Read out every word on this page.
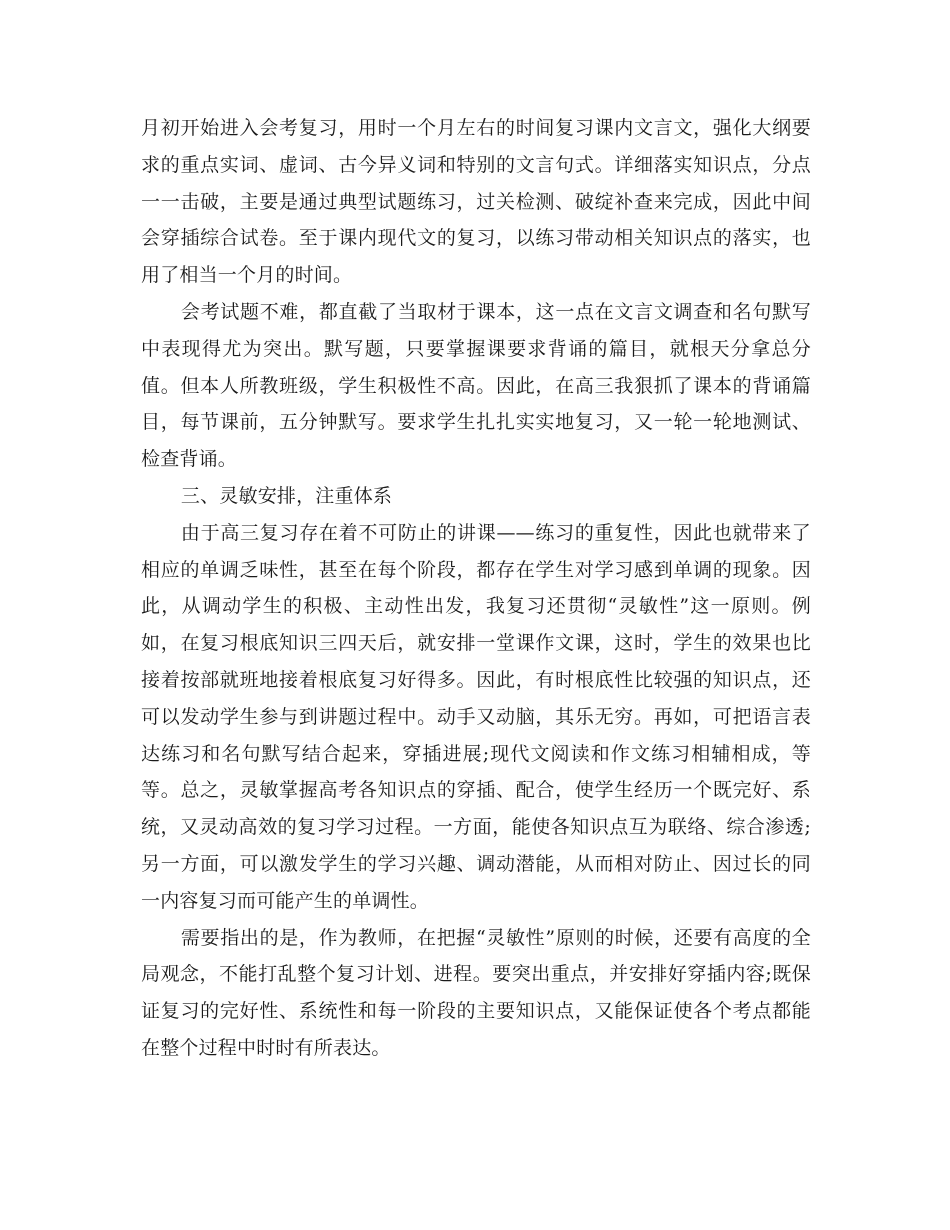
月初开始进入会考复习，用时一个月左右的时间复习课内文言文，强化大纲要求的重点实词、虚词、古今异义词和特别的文言句式。详细落实知识点，分点一一击破，主要是通过典型试题练习，过关检测、破绽补查来完成，因此中间会穿插综合试卷。至于课内现代文的复习，以练习带动相关知识点的落实，也用了相当一个月的时间。

会考试题不难，都直截了当取材于课本，这一点在文言文调查和名句默写中表现得尤为突出。默写题，只要掌握课要求背诵的篇目，就根天分拿总分值。但本人所教班级，学生积极性不高。因此，在高三我狠抓了课本的背诵篇目，每节课前，五分钟默写。要求学生扎扎实实地复习，又一轮一轮地测试、检查背诵。

三、灵敏安排，注重体系

由于高三复习存在着不可防止的讲课——练习的重复性，因此也就带来了相应的单调乏味性，甚至在每个阶段，都存在学生对学习感到单调的现象。因此，从调动学生的积极、主动性出发，我复习还贯彻“灵敏性”这一原则。例如，在复习根底知识三四天后，就安排一堂课作文课，这时，学生的效果也比接着按部就班地接着根底复习好得多。因此，有时根底性比较强的知识点，还可以发动学生参与到讲题过程中。动手又动脑，其乐无穷。再如，可把语言表达练习和名句默写结合起来，穿插进展;现代文阅读和作文练习相辅相成，等等。总之，灵敏掌握高考各知识点的穿插、配合，使学生经历一个既完好、系统，又灵动高效的复习学习过程。一方面，能使各知识点互为联络、综合渗透;另一方面，可以激发学生的学习兴趣、调动潜能，从而相对防止、因过长的同一内容复习而可能产生的单调性。

需要指出的是，作为教师，在把握“灵敏性”原则的时候，还要有高度的全局观念，不能打乱整个复习计划、进程。要突出重点，并安排好穿插内容;既保证复习的完好性、系统性和每一阶段的主要知识点，又能保证使各个考点都能在整个过程中时时有所表达。
